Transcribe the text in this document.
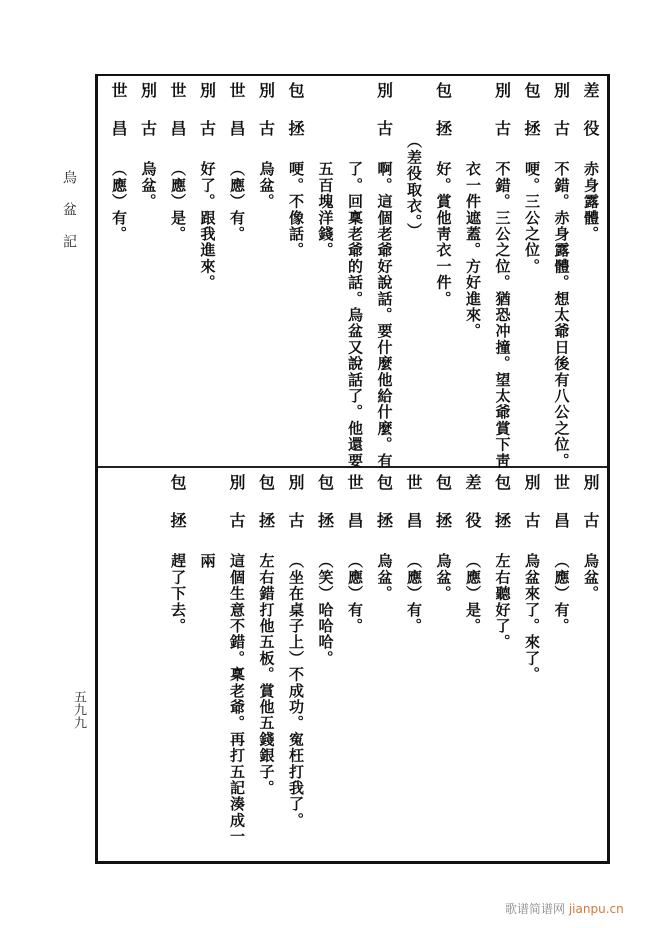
烏盆記
五九九
差役
赤身露體。
別古
不錯。赤身露體。想太爺日後有八公之位。
包拯
哽。三公之位。
別古
不錯。三公之位。猶恐冲撞。望太爺賞下靑
衣一件遮蓋。方好進來。
包拯
好。賞他靑衣一件。
（差役取衣。）
別古
啊。這個老爺好說話。要什麼他給什麼。有
了。回稟老爺的話。烏盆又說話了。他還要
五百塊洋錢。
包拯
哽。不像話。
別古
烏盆。
世昌
（應）有。
別古
好了。跟我進來。
世昌
（應）是。
別古
烏盆。
世昌
（應）有。
別古
烏盆。
世昌
（應）有。
別古
烏盆來了。來了。
包拯
左右聽好了。
差役
（應）是。
包拯
烏盆。
世昌
（應）有。
包拯
烏盆。
世昌
（應）有。
包拯
（笑）哈哈哈。
別古
（坐在桌子上）不成功。寃枉打我了。
包拯
左右錯打他五板。賞他五錢銀子。
別古
這個生意不錯。稟老爺。再打五記湊成一
兩
包拯
趕了下去。
歌谱简谱网 jianpu.cn
